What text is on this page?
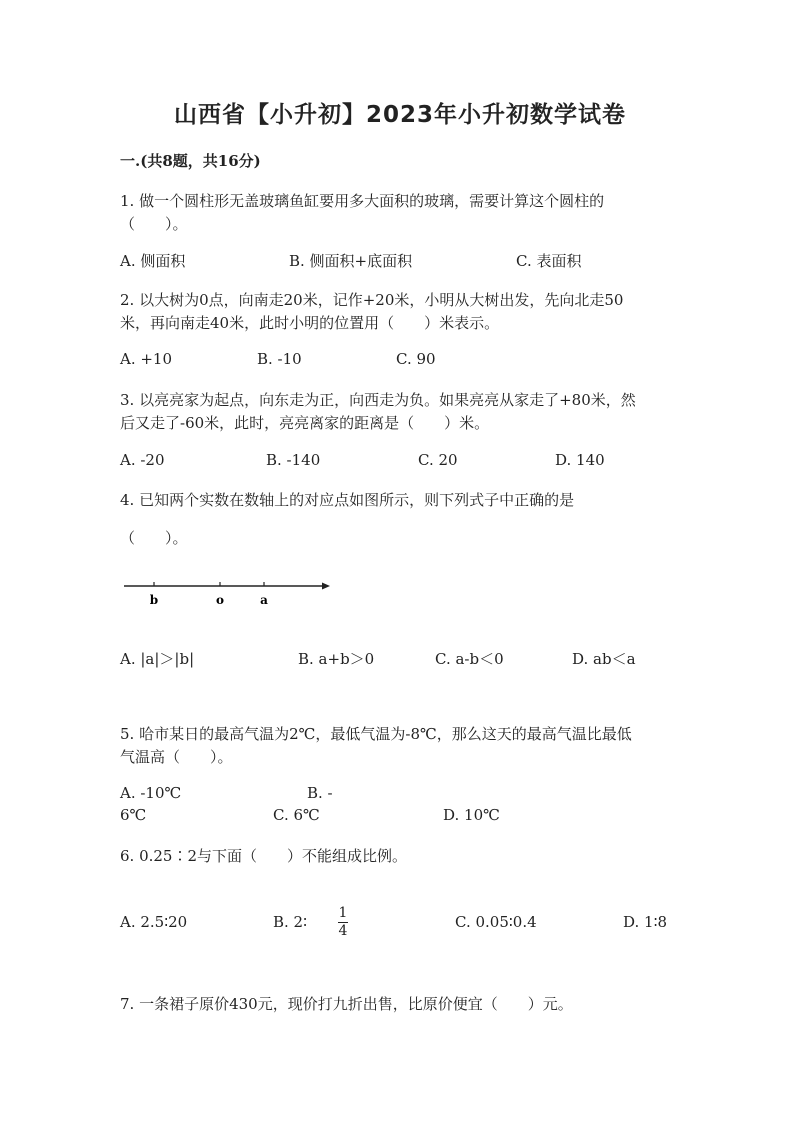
山西省【小升初】2023年小升初数学试卷
一.(共8题，共16分)
1. 做一个圆柱形无盖玻璃鱼缸要用多大面积的玻璃，需要计算这个圆柱的
（　　）。
A. 侧面积	B. 侧面积+底面积	C. 表面积
2. 以大树为0点，向南走20米，记作+20米，小明从大树出发，先向北走50
米，再向南走40米，此时小明的位置用（　　）米表示。
A. +10	B. -10	C. 90
3. 以亮亮家为起点，向东走为正，向西走为负。如果亮亮从家走了+80米，然
后又走了-60米，此时，亮亮离家的距离是（　　）米。
A. -20	B. -140	C. 20	D. 140
4. 已知两个实数在数轴上的对应点如图所示，则下列式子中正确的是
（　　）。
b	o	a
A. |a|＞|b|	B. a+b＞0	C. a-b＜0	D. ab＜a
5. 哈市某日的最高气温为2℃，最低气温为-8℃，那么这天的最高气温比最低
气温高（　　）。
A. -10℃	B. -
6℃	C. 6℃	D. 10℃
6. 0.25∶2与下面（　　）不能组成比例。
A. 2.5∶20	B. 2∶ 1
4	C. 0.05∶0.4	D. 1∶8
7. 一条裙子原价430元，现价打九折出售，比原价便宜（　　）元。
